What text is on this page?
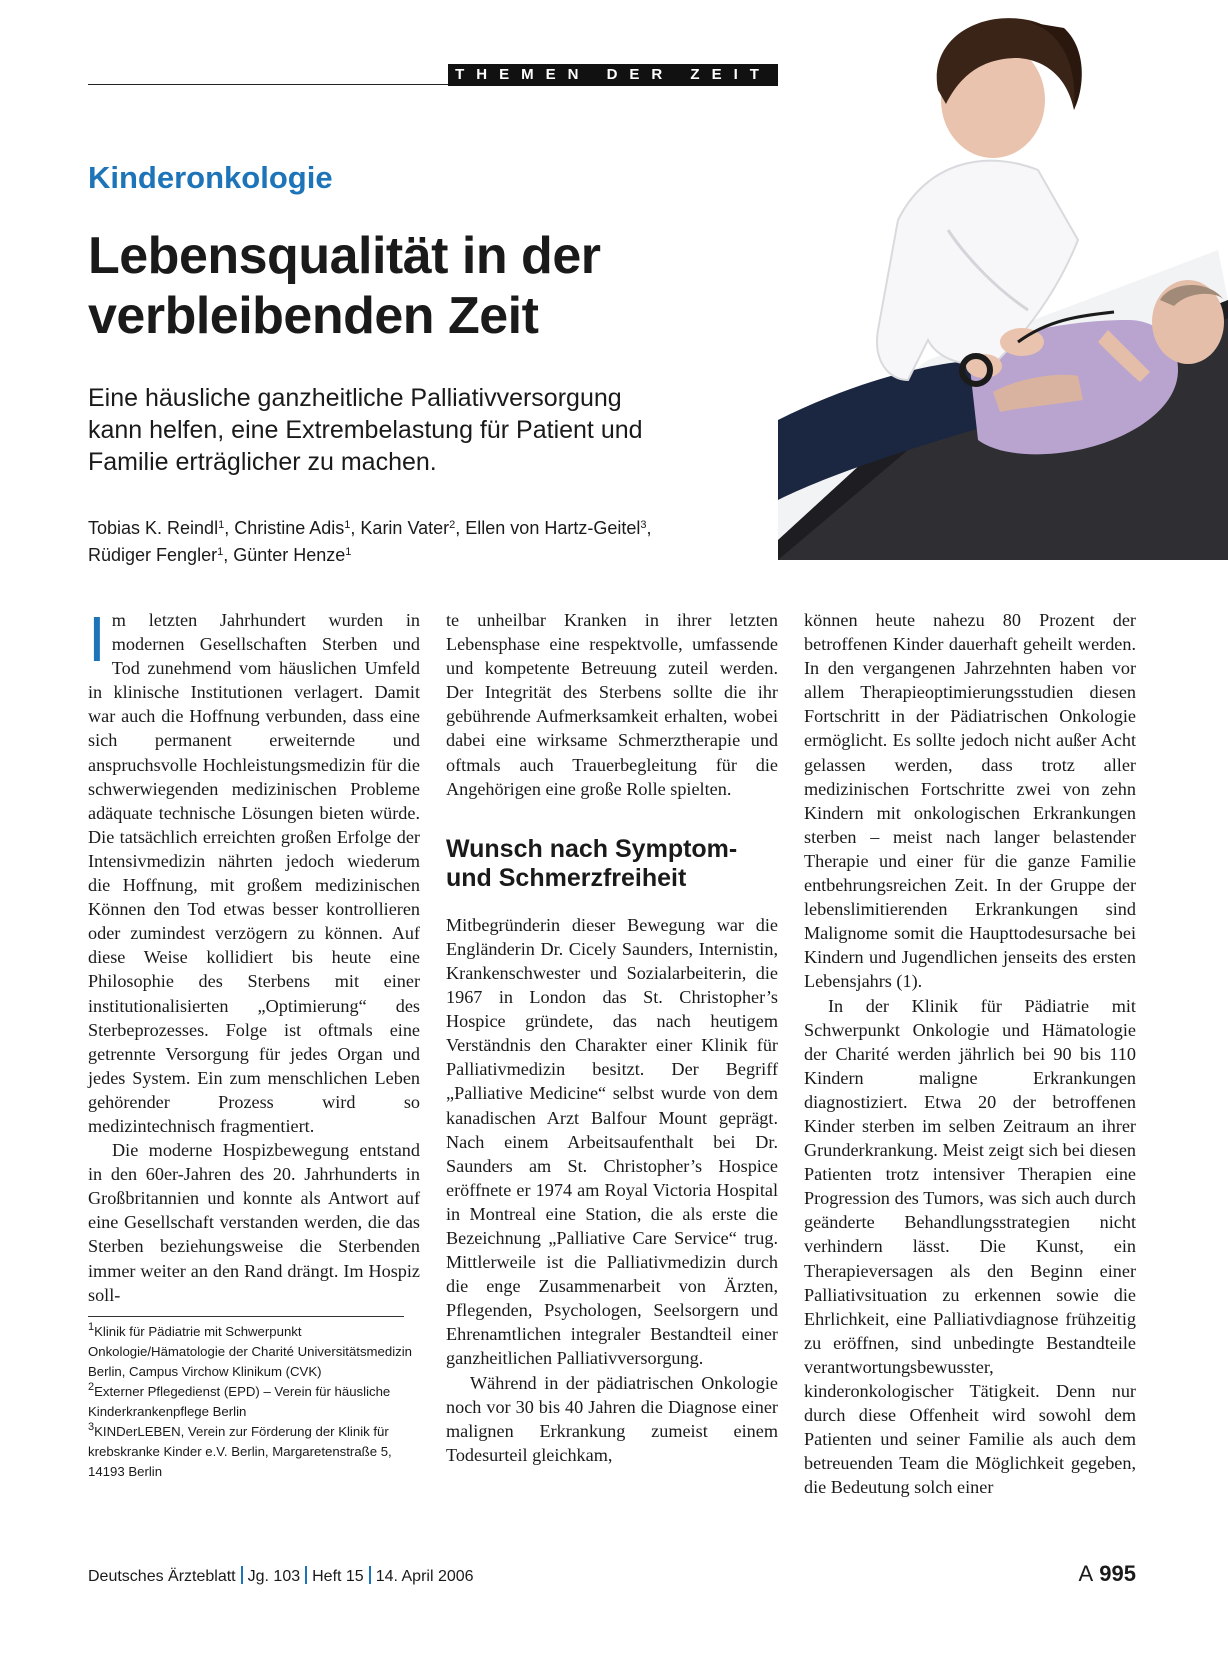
THEMEN DER ZEIT
Kinderonkologie
Lebensqualität in der
verbleibenden Zeit
Eine häusliche ganzheitliche Palliativversorgung
kann helfen, eine Extrembelastung für Patient und
Familie erträglicher zu machen.
Tobias K. Reindl$^1$, Christine Adis$^1$, Karin Vater$^2$, Ellen von Hartz-Geitel$^3$,
Rüdiger Fengler$^1$, Günter Henze$^1$

Im letzten Jahrhundert wurden in modernen Gesellschaften Sterben und Tod zunehmend vom häuslichen Umfeld in klinische Institutionen verlagert. Damit war auch die Hoffnung verbunden, dass eine sich permanent erweiternde und anspruchsvolle Hochleistungsmedizin für die schwerwiegenden medizinischen Probleme adäquate technische Lösungen bieten würde. Die tatsächlich erreichten großen Erfolge der Intensivmedizin nährten jedoch wiederum die Hoffnung, mit großem medizinischen Können den Tod etwas besser kontrollieren oder zumindest verzögern zu können. Auf diese Weise kollidiert bis heute eine Philosophie des Sterbens mit einer institutionalisierten „Optimierung“ des Sterbeprozesses. Folge ist oftmals eine getrennte Versorgung für jedes Organ und jedes System. Ein zum menschlichen Leben gehörender Prozess wird so medizintechnisch fragmentiert.

Die moderne Hospizbewegung entstand in den 60er-Jahren des 20. Jahrhunderts in Großbritannien und konnte als Antwort auf eine Gesellschaft verstanden werden, die das Sterben beziehungsweise die Sterbenden immer weiter an den Rand drängt. Im Hospiz soll-

te unheilbar Kranken in ihrer letzten Lebensphase eine respektvolle, umfassende und kompetente Betreuung zuteil werden. Der Integrität des Sterbens sollte die ihr gebührende Aufmerksamkeit erhalten, wobei dabei eine wirksame Schmerztherapie und oftmals auch Trauerbegleitung für die Angehörigen eine große Rolle spielten.

Wunsch nach Symptom-
und Schmerzfreiheit

Mitbegründerin dieser Bewegung war die Engländerin Dr. Cicely Saunders, Internistin, Krankenschwester und Sozialarbeiterin, die 1967 in London das St. Christopher’s Hospice gründete, das nach heutigem Verständnis den Charakter einer Klinik für Palliativmedizin besitzt. Der Begriff „Palliative Medicine“ selbst wurde von dem kanadischen Arzt Balfour Mount geprägt. Nach einem Arbeitsaufenthalt bei Dr. Saunders am St. Christopher’s Hospice eröffnete er 1974 am Royal Victoria Hospital in Montreal eine Station, die als erste die Bezeichnung „Palliative Care Service“ trug. Mittlerweile ist die Palliativmedizin durch die enge Zusammenarbeit von Ärzten, Pflegenden, Psychologen, Seelsorgern und Ehrenamtlichen integraler Bestandteil einer ganzheitlichen Palliativversorgung.

Während in der pädiatrischen Onkologie noch vor 30 bis 40 Jahren die Diagnose einer malignen Erkrankung zumeist einem Todesurteil gleichkam,

können heute nahezu 80 Prozent der betroffenen Kinder dauerhaft geheilt werden. In den vergangenen Jahrzehnten haben vor allem Therapieoptimierungsstudien diesen Fortschritt in der Pädiatrischen Onkologie ermöglicht. Es sollte jedoch nicht außer Acht gelassen werden, dass trotz aller medizinischen Fortschritte zwei von zehn Kindern mit onkologischen Erkrankungen sterben – meist nach langer belastender Therapie und einer für die ganze Familie entbehrungsreichen Zeit. In der Gruppe der lebenslimitierenden Erkrankungen sind Malignome somit die Haupttodesursache bei Kindern und Jugendlichen jenseits des ersten Lebensjahrs (1).

In der Klinik für Pädiatrie mit Schwerpunkt Onkologie und Hämatologie der Charité werden jährlich bei 90 bis 110 Kindern maligne Erkrankungen diagnostiziert. Etwa 20 der betroffenen Kinder sterben im selben Zeitraum an ihrer Grunderkrankung. Meist zeigt sich bei diesen Patienten trotz intensiver Therapien eine Progression des Tumors, was sich auch durch geänderte Behandlungsstrategien nicht verhindern lässt. Die Kunst, ein Therapieversagen als den Beginn einer Palliativsituation zu erkennen sowie die Ehrlichkeit, eine Palliativdiagnose frühzeitig zu eröffnen, sind unbedingte Bestandteile verantwortungsbewusster, kinderonkologischer Tätigkeit. Denn nur durch diese Offenheit wird sowohl dem Patienten und seiner Familie als auch dem betreuenden Team die Möglichkeit gegeben, die Bedeutung solch einer

$^1$Klinik für Pädiatrie mit Schwerpunkt Onkologie/Hämatologie der Charité Universitätsmedizin Berlin, Campus Virchow Klinikum (CVK)
$^2$Externer Pflegedienst (EPD) – Verein für häusliche Kinderkrankenpflege Berlin
$^3$KINDerLEBEN, Verein zur Förderung der Klinik für krebskranke Kinder e.V. Berlin, Margaretenstraße 5, 14193 Berlin
Deutsches Ärzteblatt Jg. 103 Heft 15 14. April 2006	A 995
